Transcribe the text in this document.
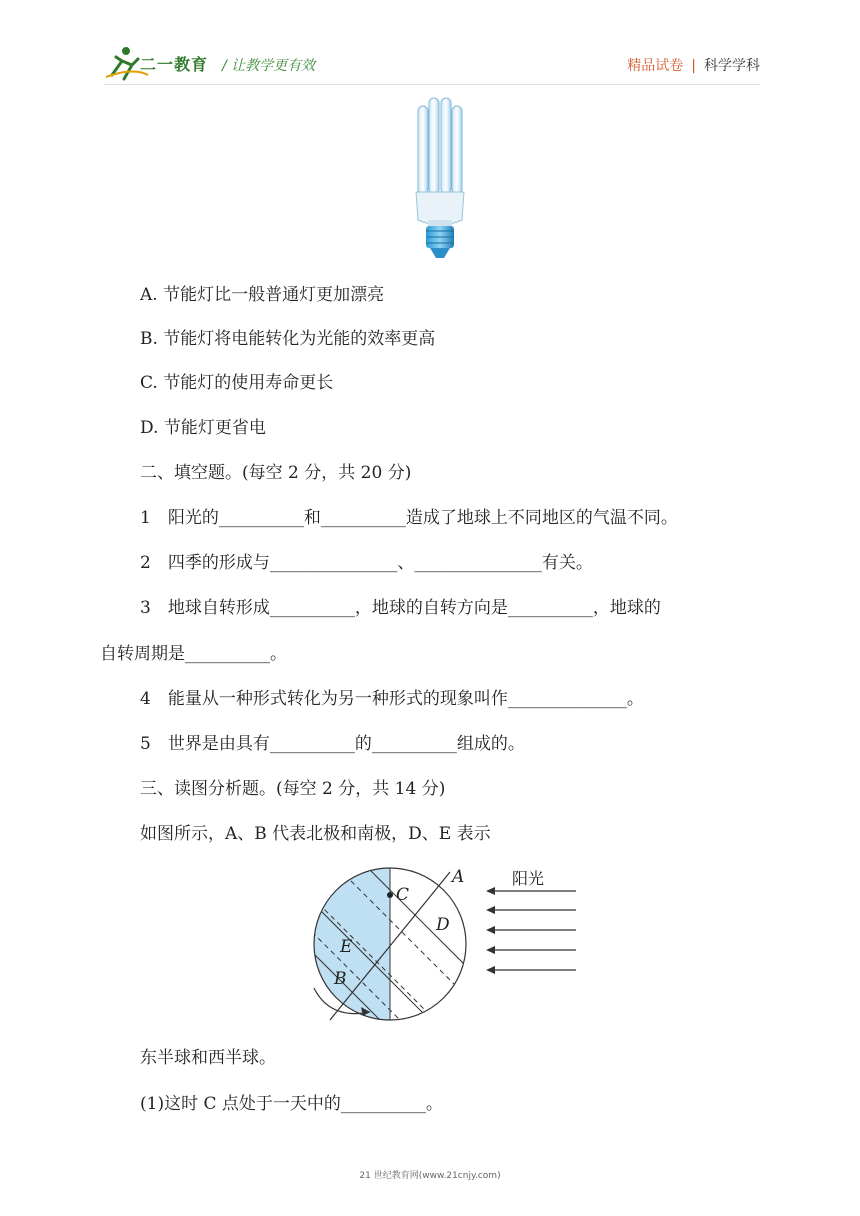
二一教育 / 让教学更有效	精品试卷 | 科学学科
A. 节能灯比一般普通灯更加漂亮
B. 节能灯将电能转化为光能的效率更高
C. 节能灯的使用寿命更长
D. 节能灯更省电
二、填空题。(每空 2 分，共 20 分)
1　阳光的__________和__________造成了地球上不同地区的气温不同。
2　四季的形成与_______________、_______________有关。
3　地球自转形成__________，地球的自转方向是__________，地球的
自转周期是__________。
4　能量从一种形式转化为另一种形式的现象叫作______________。
5　世界是由具有__________的__________组成的。
三、读图分析题。(每空 2 分，共 14 分)
如图所示，A、B 代表北极和南极，D、E 表示
A
B
C
D
E
阳光
东半球和西半球。
(1)这时 C 点处于一天中的__________。
21 世纪教育网(www.21cnjy.com)
